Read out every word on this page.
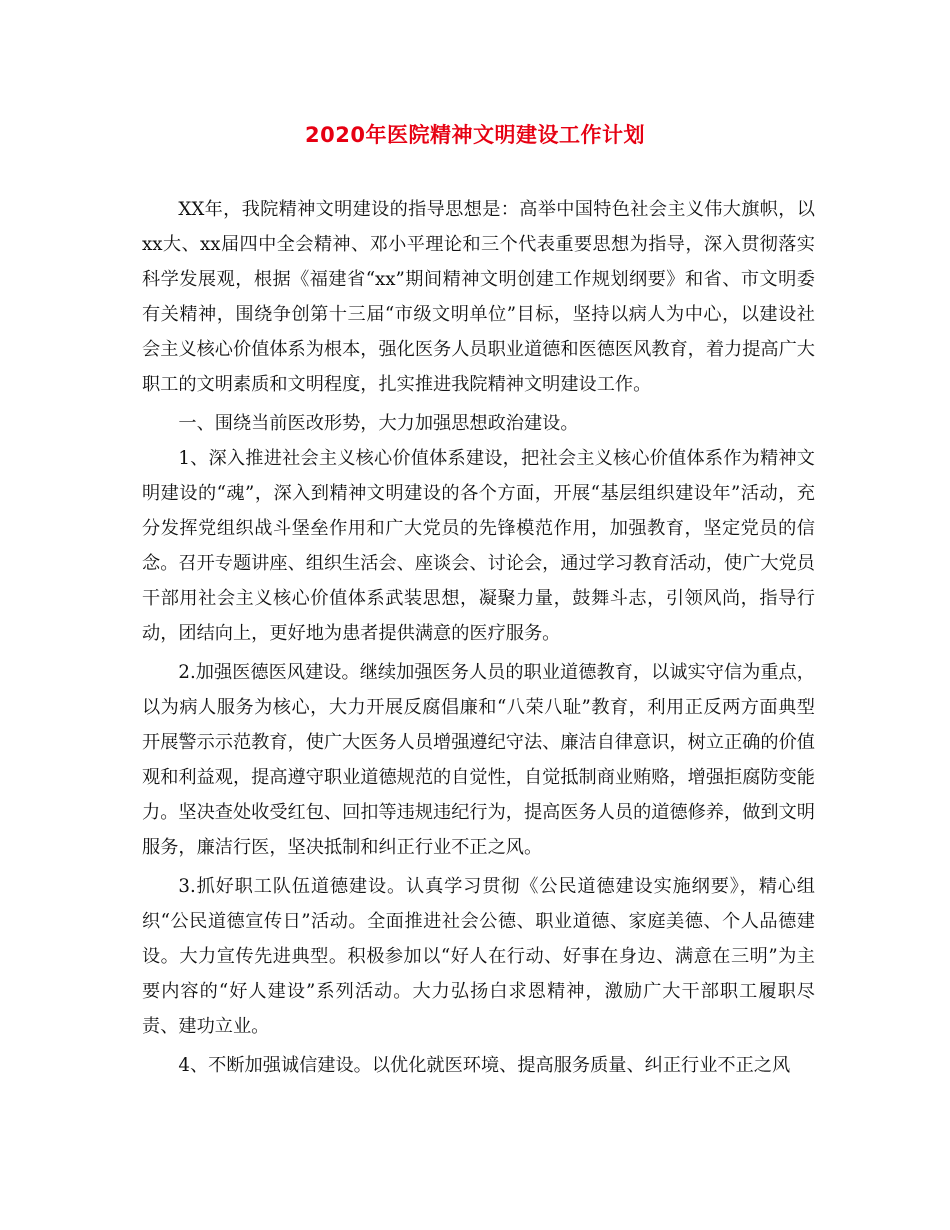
2020年医院精神文明建设工作计划

XX年，我院精神文明建设的指导思想是：高举中国特色社会主义伟大旗帜，以xx大、xx届四中全会精神、邓小平理论和三个代表重要思想为指导，深入贯彻落实科学发展观，根据《福建省“xx”期间精神文明创建工作规划纲要》和省、市文明委有关精神，围绕争创第十三届“市级文明单位”目标，坚持以病人为中心，以建设社会主义核心价值体系为根本，强化医务人员职业道德和医德医风教育，着力提高广大职工的文明素质和文明程度，扎实推进我院精神文明建设工作。

一、围绕当前医改形势，大力加强思想政治建设。

1、深入推进社会主义核心价值体系建设，把社会主义核心价值体系作为精神文明建设的“魂”，深入到精神文明建设的各个方面，开展“基层组织建设年”活动，充分发挥党组织战斗堡垒作用和广大党员的先锋模范作用，加强教育，坚定党员的信念。召开专题讲座、组织生活会、座谈会、讨论会，通过学习教育活动，使广大党员干部用社会主义核心价值体系武装思想，凝聚力量，鼓舞斗志，引领风尚，指导行动，团结向上，更好地为患者提供满意的医疗服务。

2.加强医德医风建设。继续加强医务人员的职业道德教育，以诚实守信为重点，以为病人服务为核心，大力开展反腐倡廉和“八荣八耻”教育，利用正反两方面典型开展警示示范教育，使广大医务人员增强遵纪守法、廉洁自律意识，树立正确的价值观和利益观，提高遵守职业道德规范的自觉性，自觉抵制商业贿赂，增强拒腐防变能力。坚决查处收受红包、回扣等违规违纪行为，提高医务人员的道德修养，做到文明服务，廉洁行医，坚决抵制和纠正行业不正之风。

3.抓好职工队伍道德建设。认真学习贯彻《公民道德建设实施纲要》，精心组织“公民道德宣传日”活动。全面推进社会公德、职业道德、家庭美德、个人品德建设。大力宣传先进典型。积极参加以“好人在行动、好事在身边、满意在三明”为主要内容的“好人建设”系列活动。大力弘扬白求恩精神，激励广大干部职工履职尽责、建功立业。

4、不断加强诚信建设。以优化就医环境、提高服务质量、纠正行业不正之风
